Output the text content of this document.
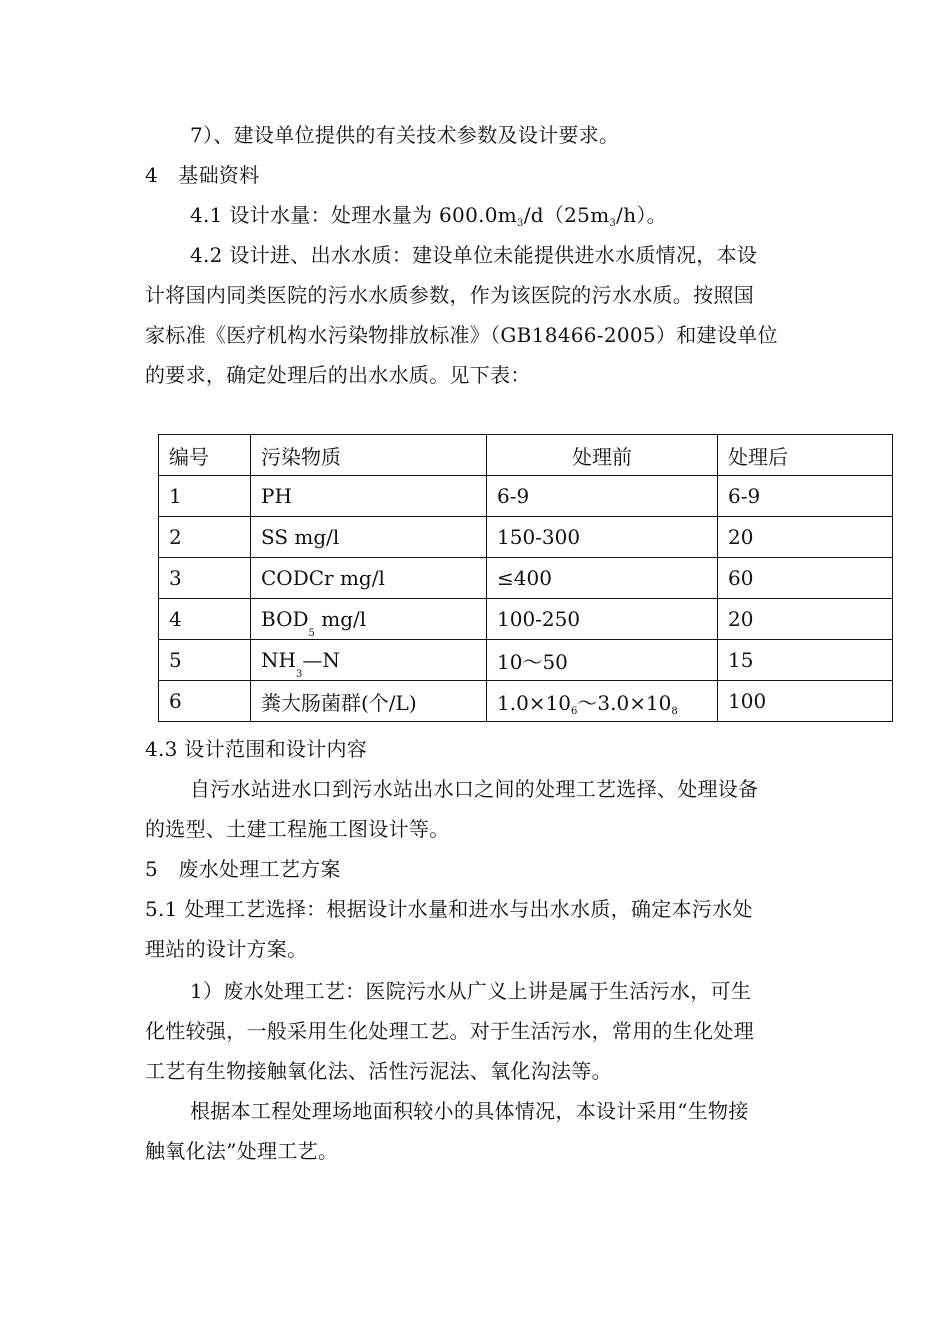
7）、建设单位提供的有关技术参数及设计要求。
4　基础资料
4.1 设计水量：处理水量为 $600.0m_3/d(25m_3/h)$。
4.2 设计进、出水水质：建设单位未能提供进水水质情况，本设
计将国内同类医院的污水水质参数，作为该医院的污水水质。按照国
家标准《医疗机构水污染物排放标准》（GB18466-2005）和建设单位
的要求，确定处理后的出水水质。见下表：
编号	污染物质	处理前	处理后
1	PH	6-9	6-9
2	SS mg/l	150-300	20
3	CODCr mg/l	≤400	60
4	$BOD_5$ mg/l	100-250	20
5	$NH_3—N$	10～50	15
6	粪大肠菌群(个/L)	$1.0\times 10_6\sim 3.0\times 10_8$	100
4.3 设计范围和设计内容
自污水站进水口到污水站出水口之间的处理工艺选择、处理设备
的选型、土建工程施工图设计等。
5　废水处理工艺方案
5.1 处理工艺选择：根据设计水量和进水与出水水质，确定本污水处
理站的设计方案。
1）废水处理工艺：医院污水从广义上讲是属于生活污水，可生
化性较强，一般采用生化处理工艺。对于生活污水，常用的生化处理
工艺有生物接触氧化法、活性污泥法、氧化沟法等。
根据本工程处理场地面积较小的具体情况，本设计采用“生物接
触氧化法”处理工艺。
